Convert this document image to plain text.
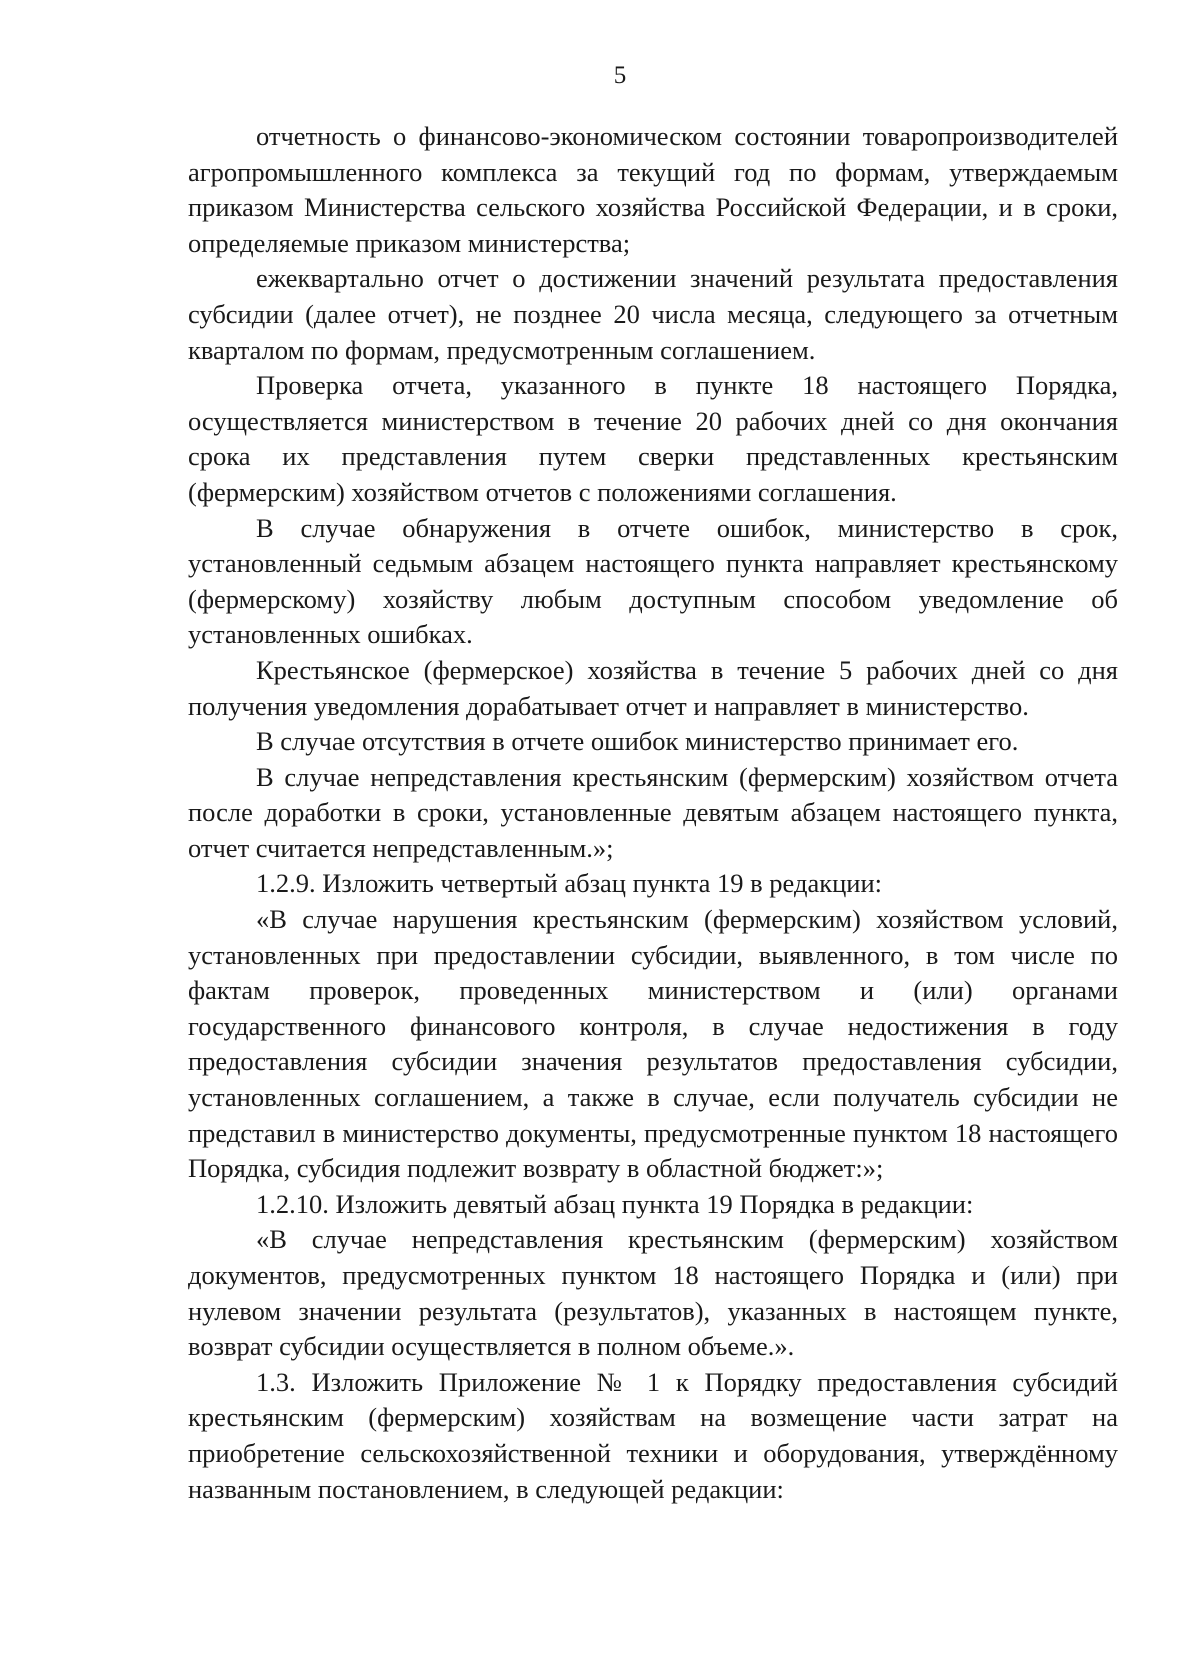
5

отчетность о финансово-экономическом состоянии товаропроизводителей агропромышленного комплекса за текущий год по формам, утверждаемым приказом Министерства сельского хозяйства Российской Федерации, и в сроки, определяемые приказом министерства;

ежеквартально отчет о достижении значений результата предоставления субсидии (далее отчет), не позднее 20 числа месяца, следующего за отчетным кварталом по формам, предусмотренным соглашением.

Проверка отчета, указанного в пункте 18 настоящего Порядка, осуществляется министерством в течение 20 рабочих дней со дня окончания срока их представления путем сверки представленных крестьянским (фермерским) хозяйством отчетов с положениями соглашения.

В случае обнаружения в отчете ошибок, министерство в срок, установленный седьмым абзацем настоящего пункта направляет крестьянскому (фермерскому) хозяйству любым доступным способом уведомление об установленных ошибках.

Крестьянское (фермерское) хозяйства в течение 5 рабочих дней со дня получения уведомления дорабатывает отчет и направляет в министерство.

В случае отсутствия в отчете ошибок министерство принимает его.

В случае непредставления крестьянским (фермерским) хозяйством отчета после доработки в сроки, установленные девятым абзацем настоящего пункта, отчет считается непредставленным.»;

1.2.9. Изложить четвертый абзац пункта 19 в редакции:

«В случае нарушения крестьянским (фермерским) хозяйством условий, установленных при предоставлении субсидии, выявленного, в том числе по фактам проверок, проведенных министерством и (или) органами государственного финансового контроля, в случае недостижения в году предоставления субсидии значения результатов предоставления субсидии, установленных соглашением, а также в случае, если получатель субсидии не представил в министерство документы, предусмотренные пунктом 18 настоящего Порядка, субсидия подлежит возврату в областной бюджет:»;

1.2.10. Изложить девятый абзац пункта 19 Порядка в редакции:

«В случае непредставления крестьянским (фермерским) хозяйством документов, предусмотренных пунктом 18 настоящего Порядка и (или) при нулевом значении результата (результатов), указанных в настоящем пункте, возврат субсидии осуществляется в полном объеме.».

1.3. Изложить Приложение № 1 к Порядку предоставления субсидий крестьянским (фермерским) хозяйствам на возмещение части затрат на приобретение сельскохозяйственной техники и оборудования, утверждённому названным постановлением, в следующей редакции:
